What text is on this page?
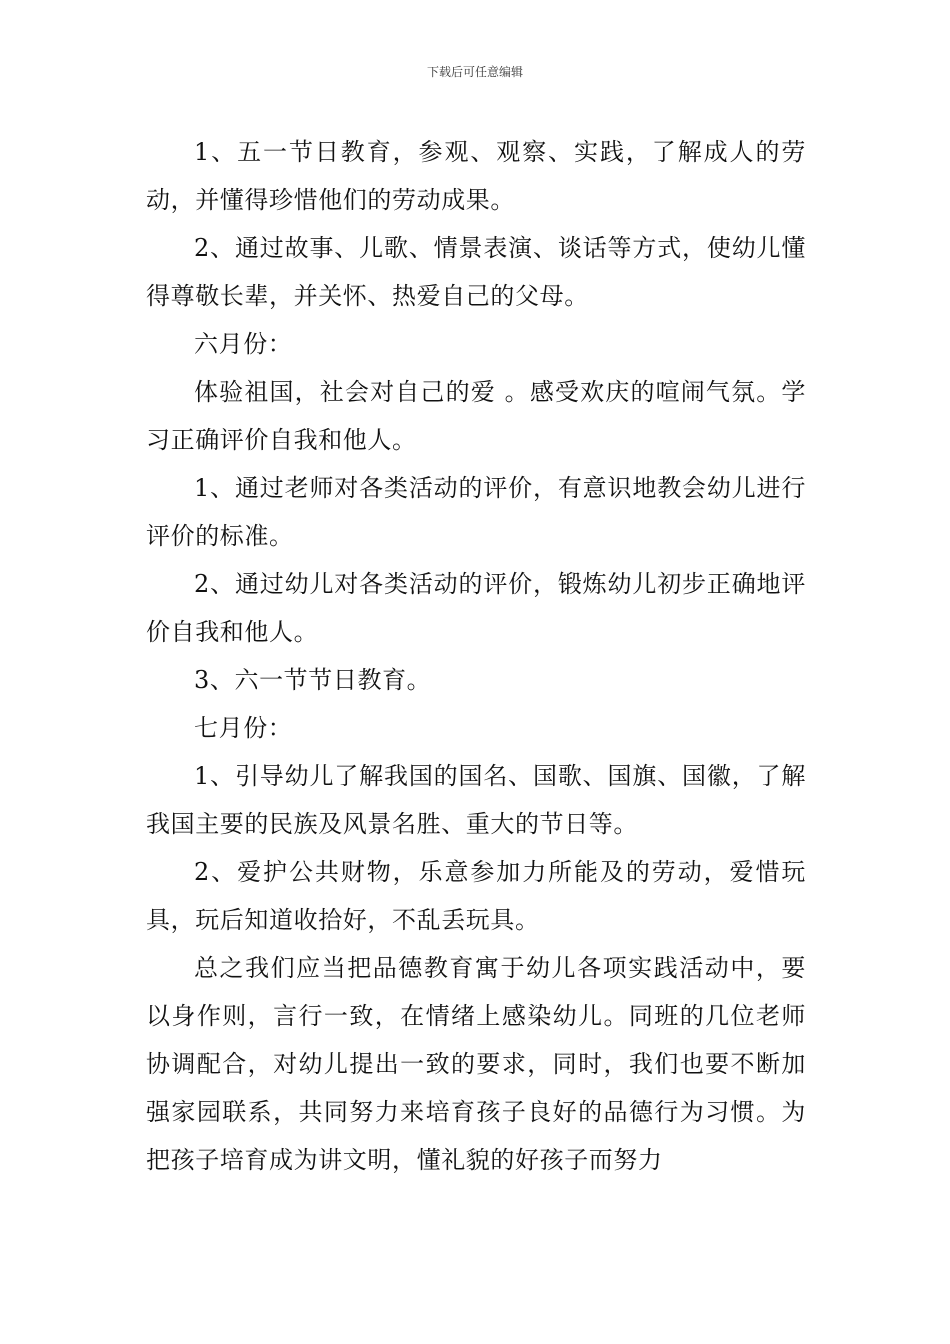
下载后可任意编辑

1、五一节日教育，参观、观察、实践，了解成人的劳动，并懂得珍惜他们的劳动成果。

2、通过故事、儿歌、情景表演、谈话等方式，使幼儿懂得尊敬长辈，并关怀、热爱自己的父母。

六月份：

体验祖国，社会对自己的爱 。感受欢庆的喧闹气氛。学习正确评价自我和他人。

1、通过老师对各类活动的评价，有意识地教会幼儿进行评价的标准。

2、通过幼儿对各类活动的评价，锻炼幼儿初步正确地评价自我和他人。

3、六一节节日教育。

七月份：

1、引导幼儿了解我国的国名、国歌、国旗、国徽，了解我国主要的民族及风景名胜、重大的节日等。

2、爱护公共财物，乐意参加力所能及的劳动，爱惜玩具，玩后知道收拾好，不乱丢玩具。

总之我们应当把品德教育寓于幼儿各项实践活动中，要以身作则，言行一致，在情绪上感染幼儿。同班的几位老师协调配合，对幼儿提出一致的要求，同时，我们也要不断加强家园联系，共同努力来培育孩子良好的品德行为习惯。为把孩子培育成为讲文明，懂礼貌的好孩子而努力
